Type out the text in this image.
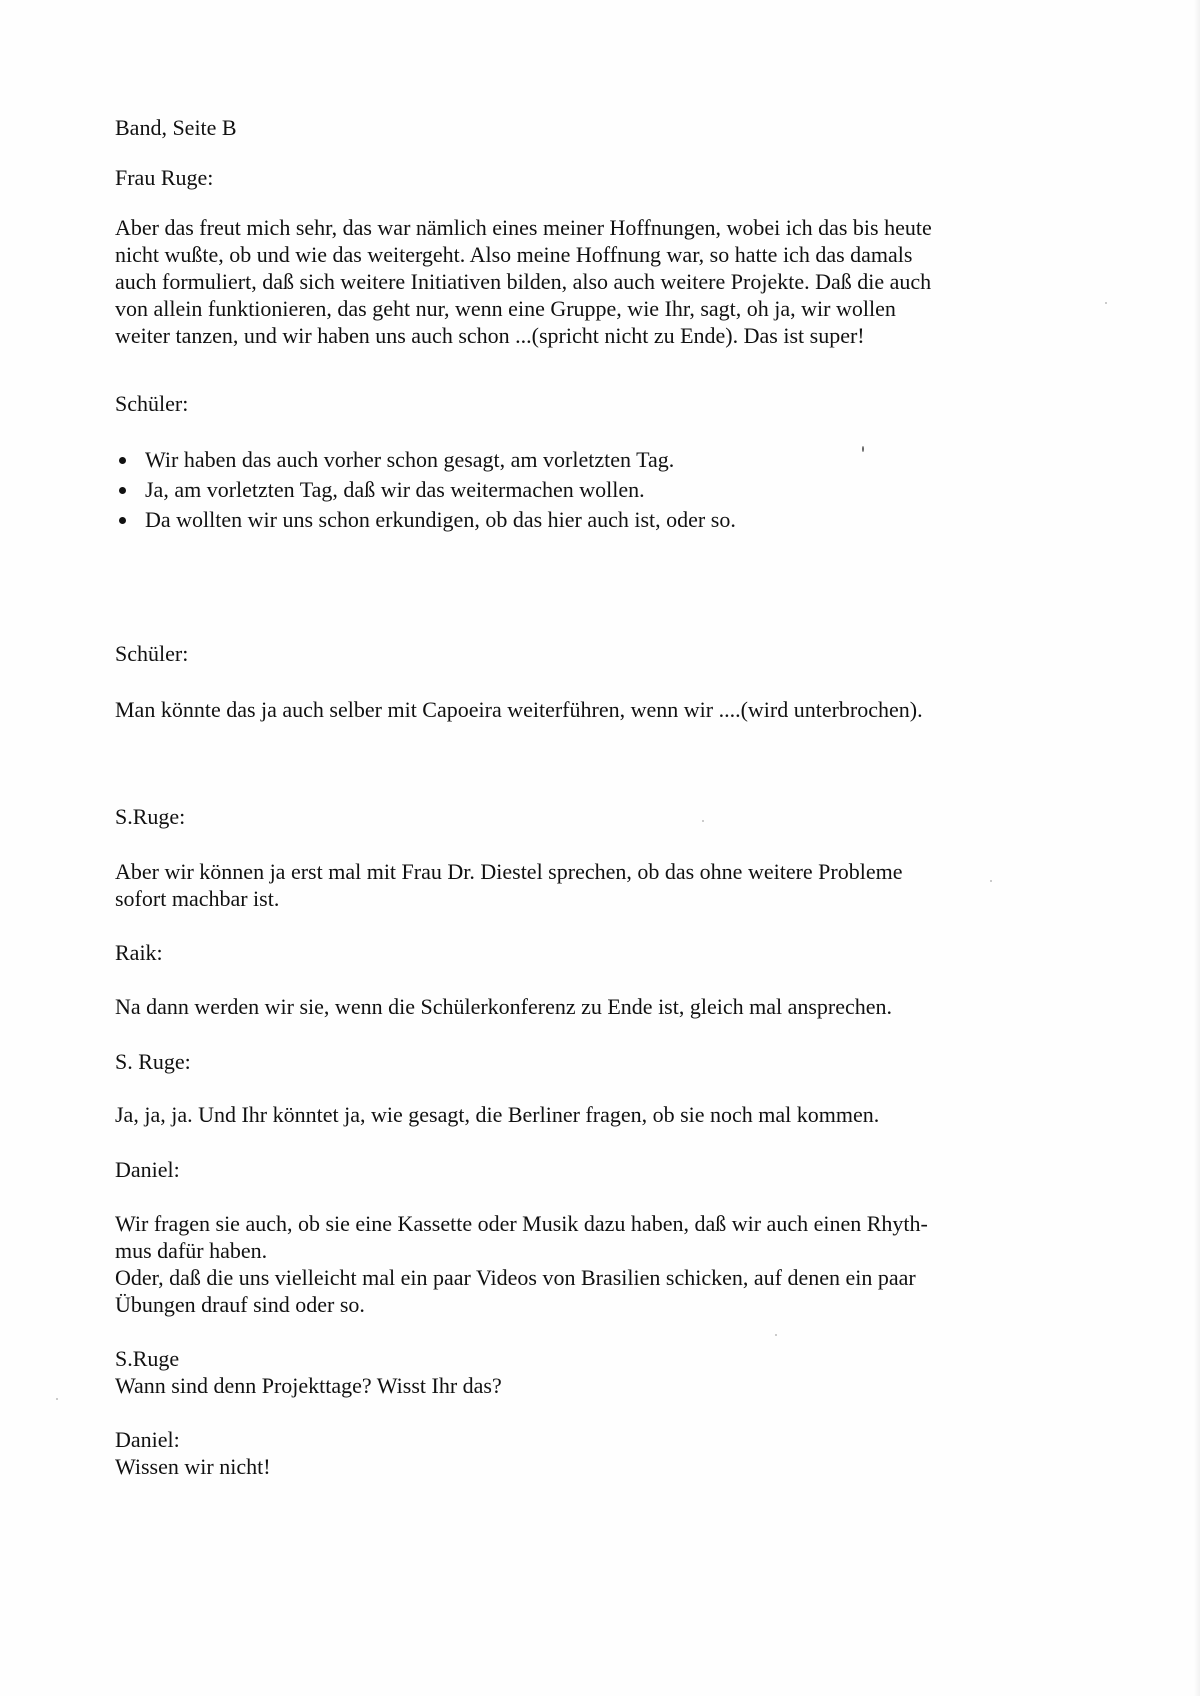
Band, Seite B
Frau Ruge:
Aber das freut mich sehr, das war nämlich eines meiner Hoffnungen, wobei ich das bis heute
nicht wußte, ob und wie das weitergeht. Also meine Hoffnung war, so hatte ich das damals
auch formuliert, daß sich weitere Initiativen bilden, also auch weitere Projekte. Daß die auch
von allein funktionieren, das geht nur, wenn eine Gruppe, wie Ihr, sagt, oh ja, wir wollen
weiter tanzen, und wir haben uns auch schon ...(spricht nicht zu Ende). Das ist super!
Schüler:
Wir haben das auch vorher schon gesagt, am vorletzten Tag.
Ja, am vorletzten Tag, daß wir das weitermachen wollen.
Da wollten wir uns schon erkundigen, ob das hier auch ist, oder so.
Schüler:
Man könnte das ja auch selber mit Capoeira weiterführen, wenn wir ....(wird unterbrochen).
S.Ruge:
Aber wir können ja erst mal mit Frau Dr. Diestel sprechen, ob das ohne weitere Probleme
sofort machbar ist.
Raik:
Na dann werden wir sie, wenn die Schülerkonferenz zu Ende ist, gleich mal ansprechen.
S. Ruge:
Ja, ja, ja. Und Ihr könntet ja, wie gesagt, die Berliner fragen, ob sie noch mal kommen.
Daniel:
Wir fragen sie auch, ob sie eine Kassette oder Musik dazu haben, daß wir auch einen Rhyth-
mus dafür haben.
Oder, daß die uns vielleicht mal ein paar Videos von Brasilien schicken, auf denen ein paar
Übungen drauf sind oder so.
S.Ruge
Wann sind denn Projekttage? Wisst Ihr das?
Daniel:
Wissen wir nicht!
